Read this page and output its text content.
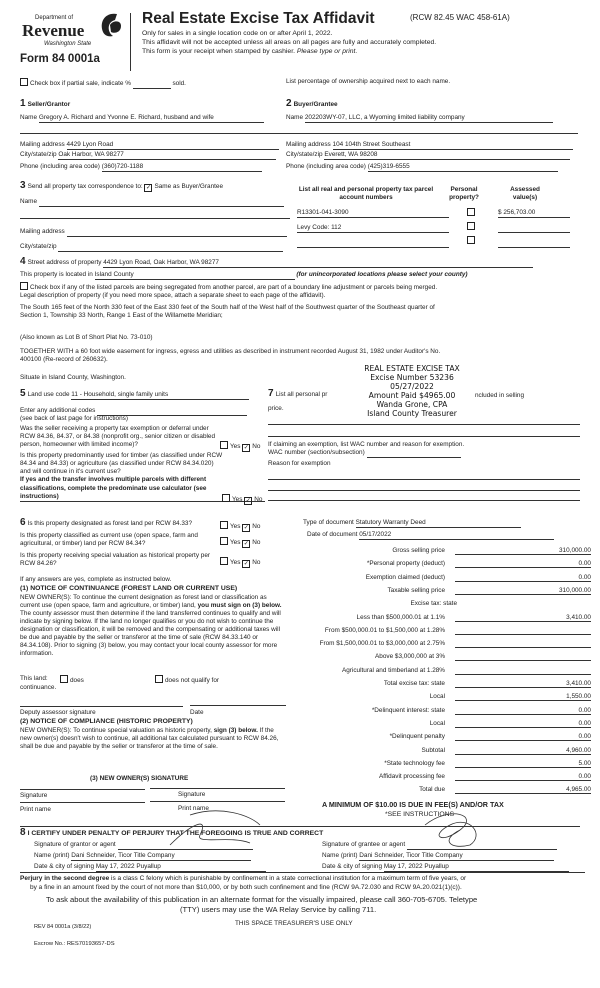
Department of
Revenue
Washington State
Form 84 0001a
Real Estate Excise Tax Affidavit	(RCW 82.45 WAC 458-61A)
Only for sales in a single location code on or after April 1, 2022.
This affidavit will not be accepted unless all areas on all pages are fully and accurately completed.
This form is your receipt when stamped by cashier. Please type or print.
Check box if partial sale, indicate %	sold.	List percentage of ownership acquired next to each name.
1 Seller/Grantor
Name Gregory A. Richard and Yvonne E. Richard, husband and wife
Mailing address 4429 Lyon Road
City/state/zip Oak Harbor, WA 98277
Phone (including area code) (360)720-1188
2 Buyer/Grantee
Name 202203WY-07, LLC, a Wyoming limited liability company
Mailing address 104 104th Street Southeast
City/state/zip Everett, WA 98208
Phone (including area code) (425)319-6555
3 Send all property tax correspondence to: ✓ Same as Buyer/Grantee
Name
Mailing address
City/state/zip
List all real and personal property tax parcel account numbers
Personal property?
Assessed value(s)
R13301-041-3090	$ 256,703.00
Levy Code: 112

4 Street address of property 4429 Lyon Road, Oak Harbor, WA 98277
This property is located in Island County	(for unincorporated locations please select your county)
Check box if any of the listed parcels are being segregated from another parcel, are part of a boundary line adjustment or parcels being merged.
Legal description of property (if you need more space, attach a separate sheet to each page of the affidavit).
The South 165 feet of the North 330 feet of the East 330 feet of the South half of the West half of the Southwest quarter of the Southeast quarter of
Section 1, Township 33 North, Range 1 East of the Willamette Meridian;
(Also known as Lot B of Short Plat No. 73-010)
TOGETHER WITH a 60 foot wide easement for ingress, egress and utilities as described in instrument recorded August 31, 1982 under Auditor's No.
400100 (Re-record of 260632).
Situate in Island County, Washington.
REAL ESTATE EXCISE TAX
Excise Number 53236
05/27/2022
Amount Paid $4965.00
Wanda Grone, CPA
Island County Treasurer
5 Land use code 11 - Household, single family units
Enter any additional codes
(see back of last page for instructions)
Was the seller receiving a property tax exemption or deferral under RCW 84.36, 84.37, or 84.38 (nonprofit org., senior citizen or disabled person, homeowner with limited income)?	Yes ✓ No
Is this property predominantly used for timber (as classified under RCW 84.34 and 84.33) or agriculture (as classified under RCW 84.34.020) and will continue in it's current use?
If yes and the transfer involves multiple parcels with different classifications, complete the predominate use calculator (see instructions)	Yes ✓ No
7 List all personal pr	ncluded in selling
price.
If claiming an exemption, list WAC number and reason for exemption.
WAC number (section/subsection)
Reason for exemption
6 Is this property designated as forest land per RCW 84.33?	Yes ✓ No
Is this property classified as current use (open space, farm and agricultural, or timber) land per RCW 84.34?	Yes ✓ No
Is this property receiving special valuation as historical property per RCW 84.26?	Yes ✓ No
If any answers are yes, complete as instructed below.
(1) NOTICE OF CONTINUANCE (FOREST LAND OR CURRENT USE)
NEW OWNER(S): To continue the current designation as forest land or classification as current use (open space, farm and agriculture, or timber) land, you must sign on (3) below. The county assessor must then determine if the land transferred continues to qualify and will indicate by signing below. If the land no longer qualifies or you do not wish to continue the designation or classification, it will be removed and the compensating or additional taxes will be due and payable by the seller or transferor at the time of sale (RCW 84.33.140 or 84.34.108). Prior to signing (3) below, you may contact your local county assessor for more information.
This land:	does	does not qualify for
continuance.
Deputy assessor signature	Date
(2) NOTICE OF COMPLIANCE (HISTORIC PROPERTY)
NEW OWNER(S): To continue special valuation as historic property, sign (3) below. If the new owner(s) doesn't wish to continue, all additional tax calculated pursuant to RCW 84.26, shall be due and payable by the seller or transferor at the time of sale.
(3) NEW OWNER(S) SIGNATURE
Signature	Signature
Print name	Print name
Type of document Statutory Warranty Deed
Date of document 05/17/2022
Gross selling price	310,000.00
*Personal property (deduct)	0.00
Exemption claimed (deduct)	0.00
Taxable selling price	310,000.00
Excise tax: state
Less than $500,000.01 at 1.1%	3,410.00
From $500,000.01 to $1,500,000 at 1.28%
From $1,500,000.01 to $3,000,000 at 2.75%
Above $3,000,000 at 3%
Agricultural and timberland at 1.28%
Total excise tax: state	3,410.00
Local	1,550.00
*Delinquent interest: state	0.00
Local	0.00
*Delinquent penalty	0.00
Subtotal	4,960.00
*State technology fee	5.00
Affidavit processing fee	0.00
Total due	4,965.00
A MINIMUM OF $10.00 IS DUE IN FEE(S) AND/OR TAX
*SEE INSTRUCTIONS
8 I CERTIFY UNDER PENALTY OF PERJURY THAT THE FOREGOING IS TRUE AND CORRECT
Signature of grantor or agent
Name (print) Dani Schneider, Ticor Title Company
Date & city of signing May 17, 2022 Puyallup
Signature of grantee or agent
Name (print) Dani Schneider, Ticor Title Company
Date & city of signing May 17, 2022 Puyallup
Perjury in the second degree is a class C felony which is punishable by confinement in a state correctional institution for a maximum term of five years, or
by a fine in an amount fixed by the court of not more than $10,000, or by both such confinement and fine (RCW 9A.72.030 and RCW 9A.20.021(1)(c)).
To ask about the availability of this publication in an alternate format for the visually impaired, please call 360-705-6705. Teletype
(TTY) users may use the WA Relay Service by calling 711.
REV 84 0001a (3/8/22)	THIS SPACE TREASURER'S USE ONLY
Escrow No.: RES70193657-DS
